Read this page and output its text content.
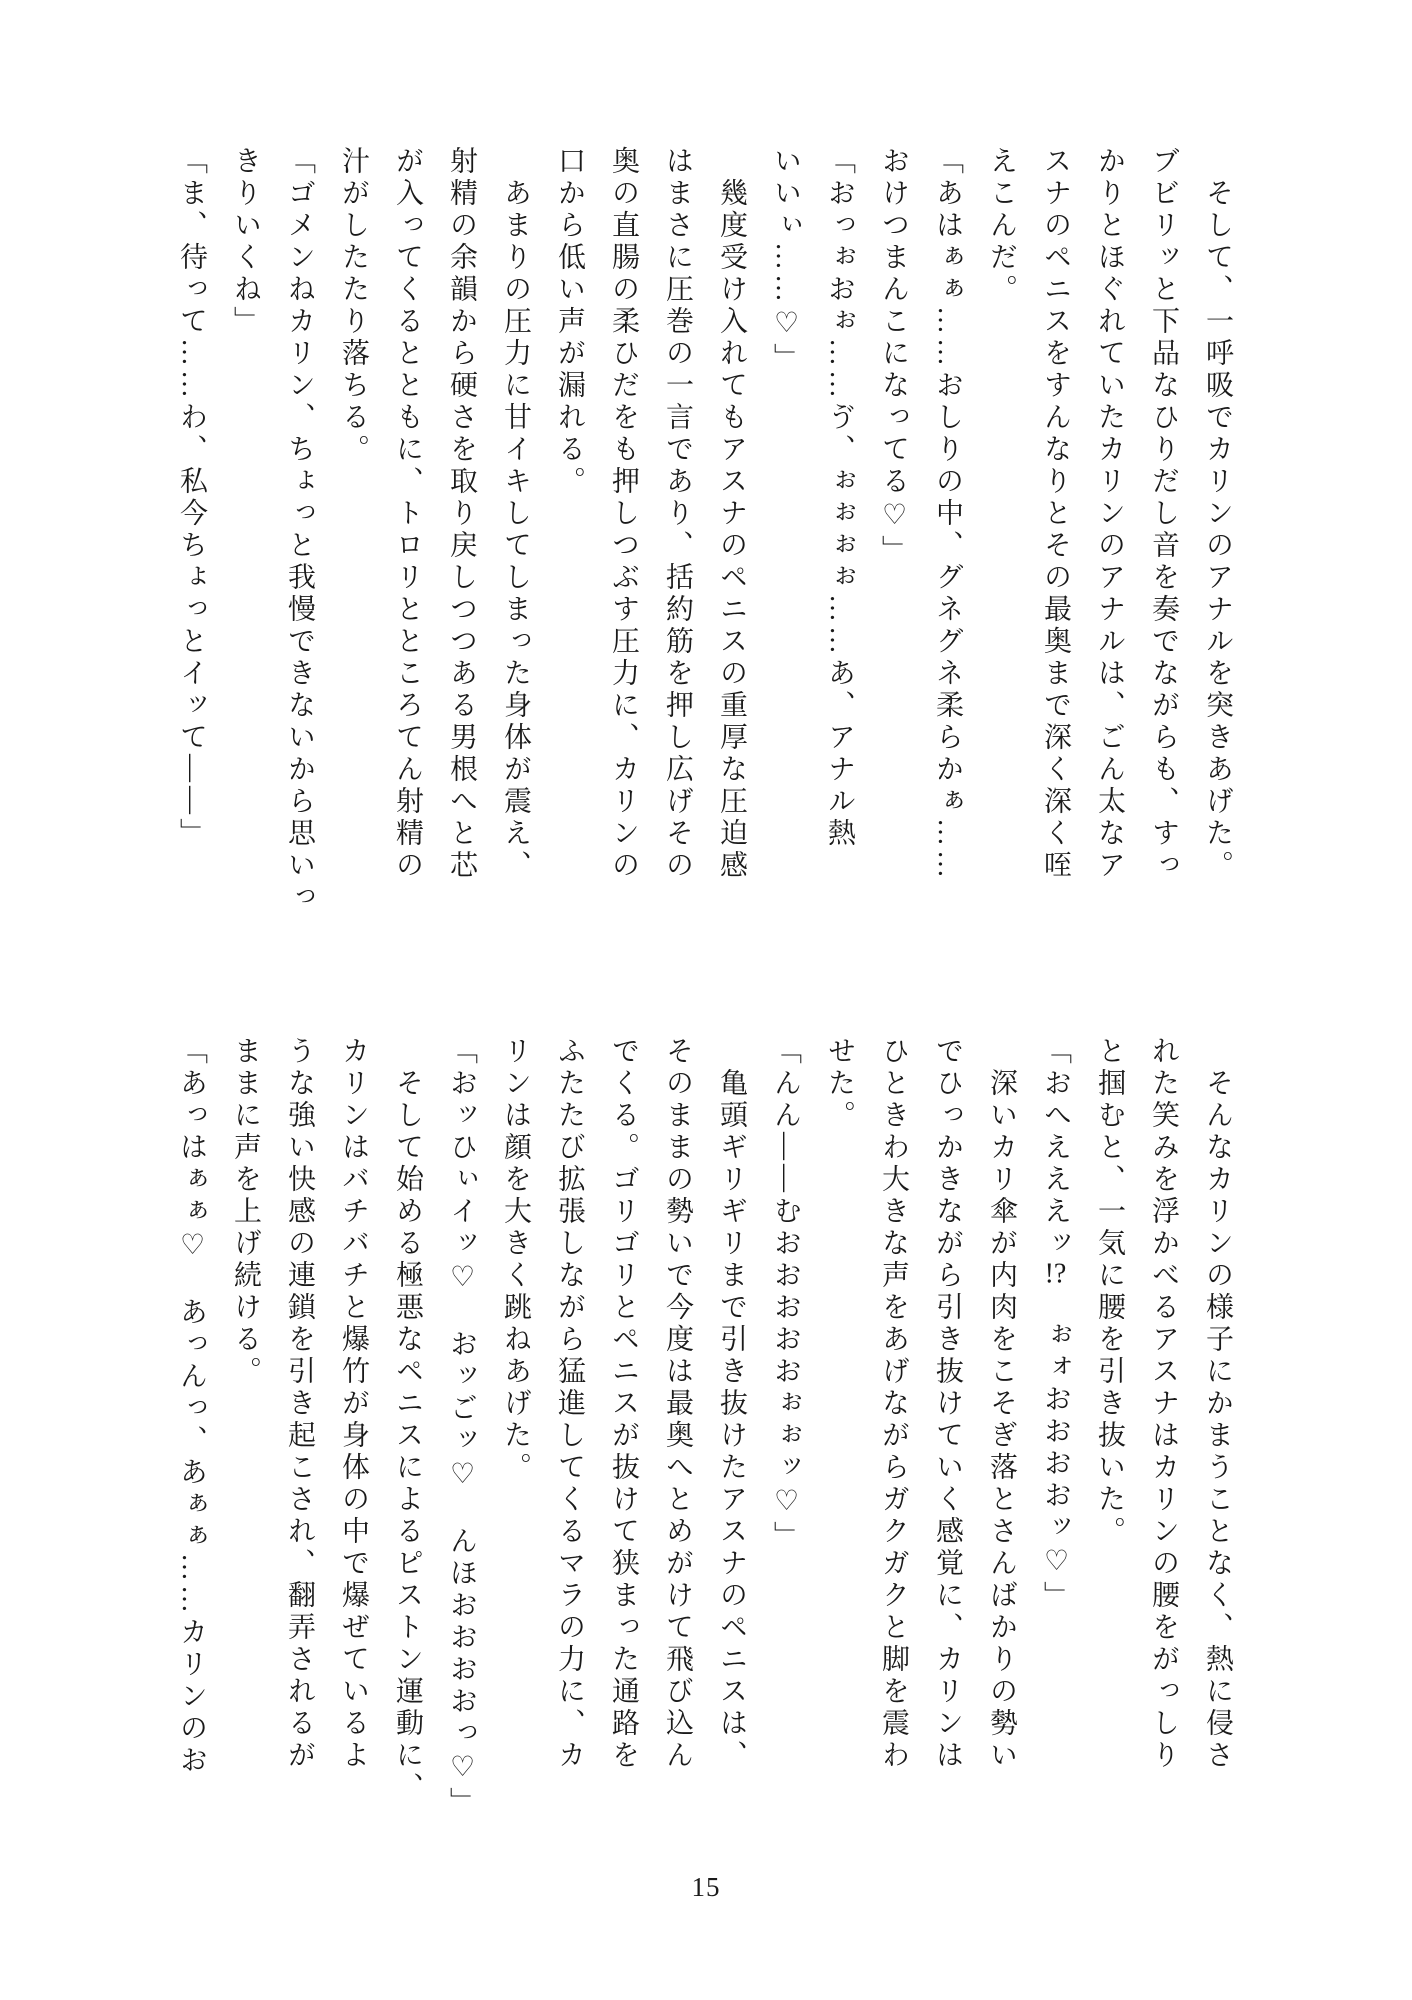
　そして、一呼吸でカリンのアナルを突きあげた。

ブビリッと下品なひりだし音を奏でながらも、すっ

かりとほぐれていたカリンのアナルは、ごん太なア

スナのペニスをすんなりとその最奥まで深く深く咥

えこんだ。

「あはぁぁ……おしりの中、グネグネ柔らかぁ……

おけつまんこになってる♡」

「おっぉおぉ……ゔ、ぉぉぉぉ……あ、アナル熱

いいぃ……♡」

　幾度受け入れてもアスナのペニスの重厚な圧迫感

はまさに圧巻の一言であり、括約筋を押し広げその

奥の直腸の柔ひだをも押しつぶす圧力に、カリンの

口から低い声が漏れる。

　あまりの圧力に甘イキしてしまった身体が震え、

射精の余韻から硬さを取り戻しつつある男根へと芯

が入ってくるとともに、トロリとところてん射精の

汁がしたたり落ちる。

「ゴメンねカリン、ちょっと我慢できないから思いっ

きりいくね」

「ま、待って……わ、私今ちょっとイッて――」

　そんなカリンの様子にかまうことなく、熱に侵さ

れた笑みを浮かべるアスナはカリンの腰をがっしり

と掴むと、一気に腰を引き抜いた。

「おへえええッ!?　ぉォおおおおッ♡」

　深いカリ傘が内肉をこそぎ落とさんばかりの勢い

でひっかきながら引き抜けていく感覚に、カリンは

ひときわ大きな声をあげながらガクガクと脚を震わ

せた。

「んん――むおおおおおぉぉッ♡」

　亀頭ギリギリまで引き抜けたアスナのペニスは、

そのままの勢いで今度は最奥へとめがけて飛び込ん

でくる。ゴリゴリとペニスが抜けて狭まった通路を

ふたたび拡張しながら猛進してくるマラの力に、カ

リンは顔を大きく跳ねあげた。

「おッひぃイッ♡　おッごッ♡　んほおおおおっ♡」

　そして始める極悪なペニスによるピストン運動に、

カリンはバチバチと爆竹が身体の中で爆ぜているよ

うな強い快感の連鎖を引き起こされ、翻弄されるが

ままに声を上げ続ける。

「あっはぁぁ♡　あっんっ、あぁぁ……カリンのお

15
